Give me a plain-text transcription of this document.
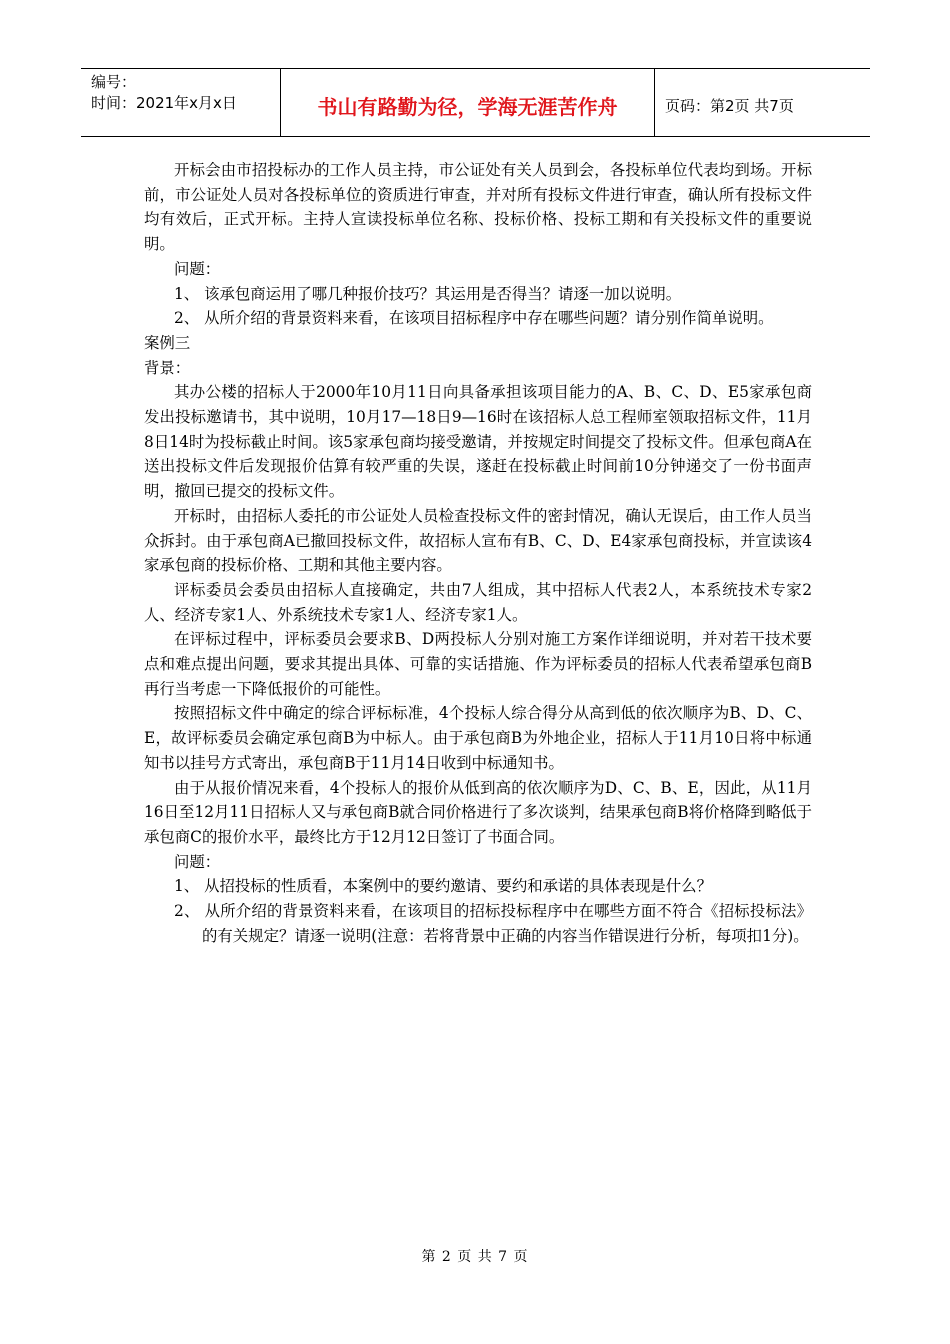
编号：
时间：2021年x月x日	书山有路勤为径，学海无涯苦作舟	页码：第2页 共7页

开标会由市招投标办的工作人员主持，市公证处有关人员到会，各投标单位代表均到场。开标前，市公证处人员对各投标单位的资质进行审查，并对所有投标文件进行审查，确认所有投标文件均有效后，正式开标。主持人宣读投标单位名称、投标价格、投标工期和有关投标文件的重要说明。

问题：

1、 该承包商运用了哪几种报价技巧？其运用是否得当？请逐一加以说明。

2、 从所介绍的背景资料来看，在该项目招标程序中存在哪些问题？请分别作简单说明。

案例三

背景：

其办公楼的招标人于2000年10月11日向具备承担该项目能力的A、B、C、D、E5家承包商发出投标邀请书，其中说明，10月17—18日9—16时在该招标人总工程师室领取招标文件，11月8日14时为投标截止时间。该5家承包商均接受邀请，并按规定时间提交了投标文件。但承包商A在送出投标文件后发现报价估算有较严重的失误，遂赶在投标截止时间前10分钟递交了一份书面声明，撤回已提交的投标文件。

开标时，由招标人委托的市公证处人员检查投标文件的密封情况，确认无误后，由工作人员当众拆封。由于承包商A已撤回投标文件，故招标人宣布有B、C、D、E4家承包商投标，并宣读该4家承包商的投标价格、工期和其他主要内容。

评标委员会委员由招标人直接确定，共由7人组成，其中招标人代表2人，本系统技术专家2人、经济专家1人、外系统技术专家1人、经济专家1人。

在评标过程中，评标委员会要求B、D两投标人分别对施工方案作详细说明，并对若干技术要点和难点提出问题，要求其提出具体、可靠的实话措施、作为评标委员的招标人代表希望承包商B再行当考虑一下降低报价的可能性。

按照招标文件中确定的综合评标标准，4个投标人综合得分从高到低的依次顺序为B、D、C、E，故评标委员会确定承包商B为中标人。由于承包商B为外地企业，招标人于11月10日将中标通知书以挂号方式寄出，承包商B于11月14日收到中标通知书。

由于从报价情况来看，4个投标人的报价从低到高的依次顺序为D、C、B、E，因此，从11月16日至12月11日招标人又与承包商B就合同价格进行了多次谈判，结果承包商B将价格降到略低于承包商C的报价水平，最终比方于12月12日签订了书面合同。

问题：

1、 从招投标的性质看，本案例中的要约邀请、要约和承诺的具体表现是什么？

2、 从所介绍的背景资料来看，在该项目的招标投标程序中在哪些方面不符合《招标投标法》的有关规定？请逐一说明(注意：若将背景中正确的内容当作错误进行分析，每项扣1分)。

第 2 页 共 7 页
